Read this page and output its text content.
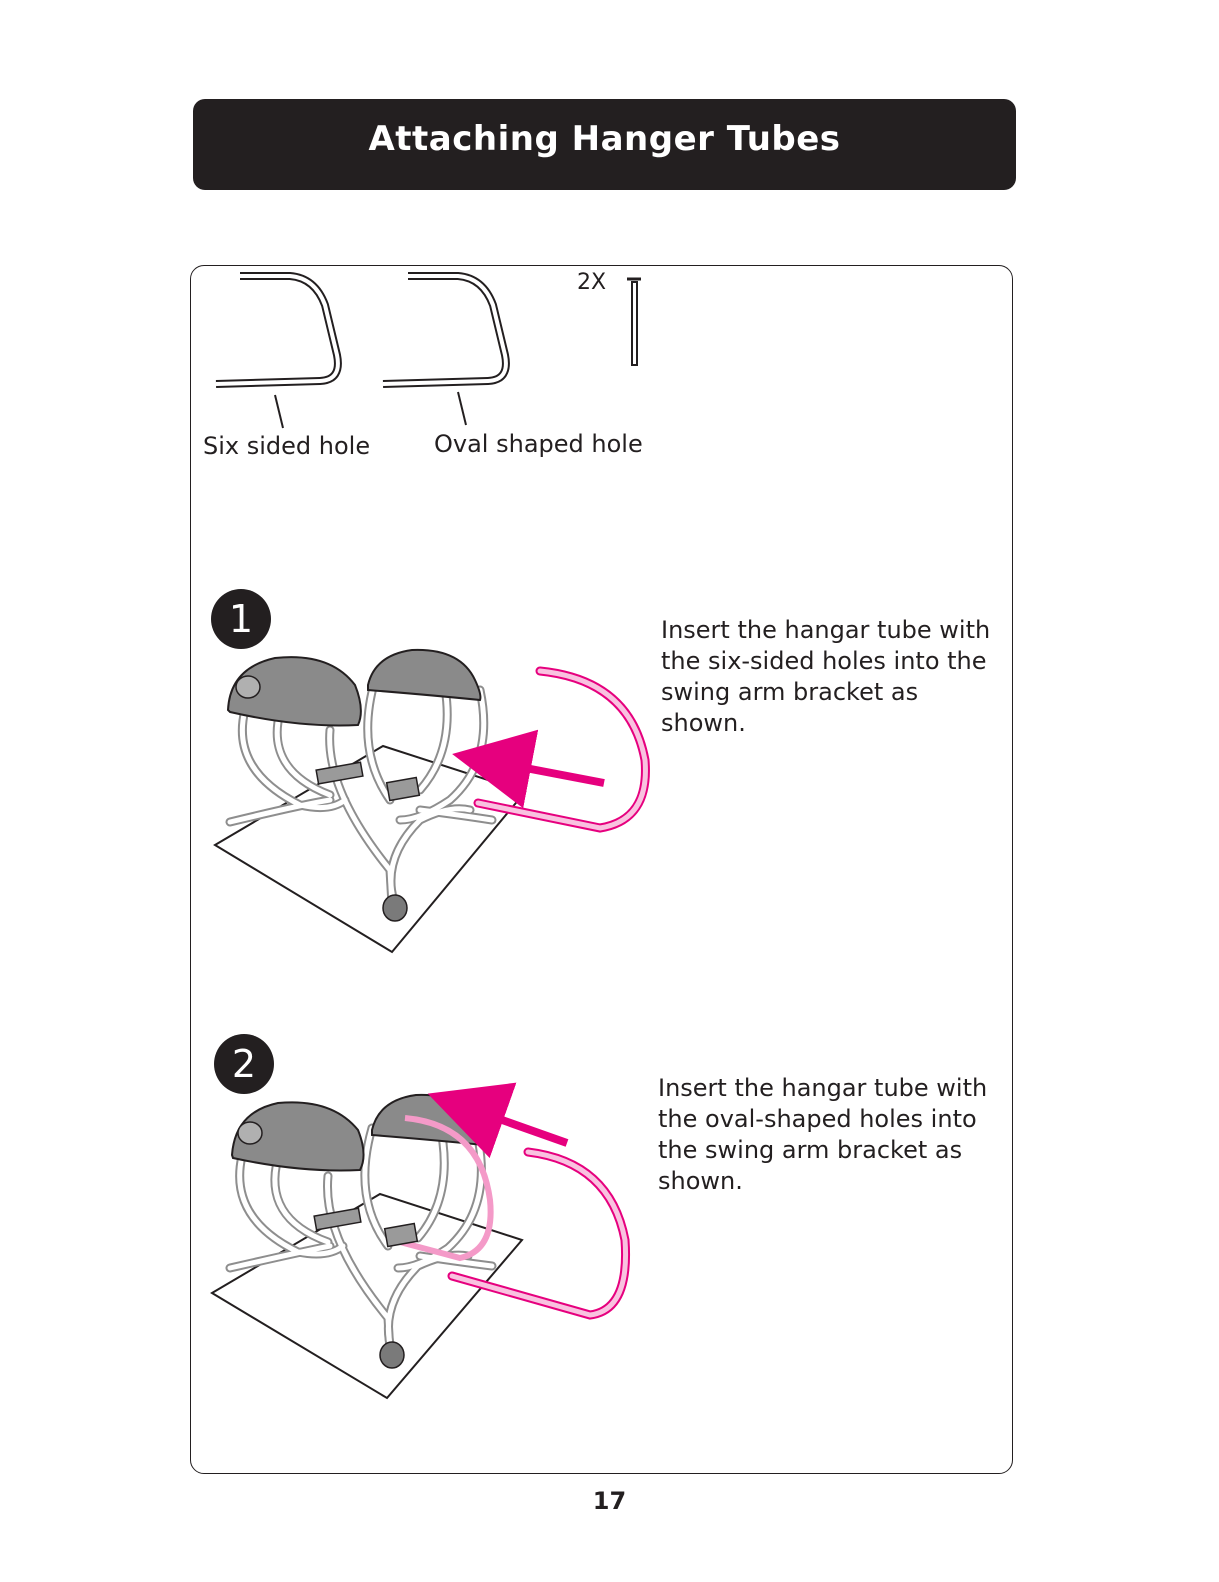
Attaching Hanger Tubes
Six sided hole	Oval shaped hole
2X
1	Insert the hangar tube with the six-sided holes into the swing arm bracket as shown.
2
Insert the hangar tube with the oval-shaped holes into the swing arm bracket as shown.
17
